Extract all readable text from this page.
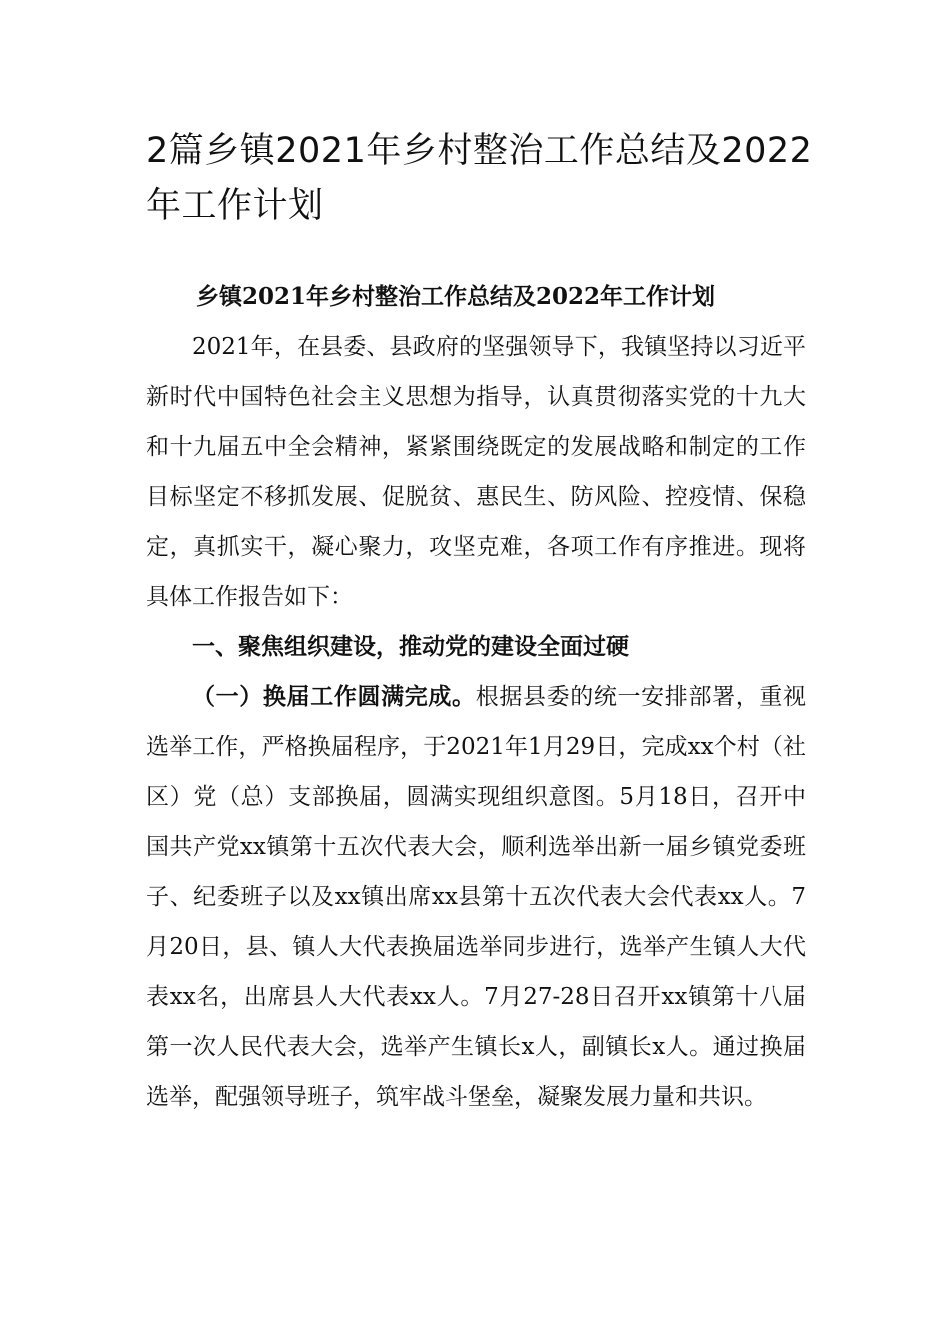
2篇乡镇2021年乡村整治工作总结及2022年工作计划

乡镇2021年乡村整治工作总结及2022年工作计划

2021年，在县委、县政府的坚强领导下，我镇坚持以习近平新时代中国特色社会主义思想为指导，认真贯彻落实党的十九大和十九届五中全会精神，紧紧围绕既定的发展战略和制定的工作目标坚定不移抓发展、促脱贫、惠民生、防风险、控疫情、保稳定，真抓实干，凝心聚力，攻坚克难，各项工作有序推进。现将具体工作报告如下：

一、聚焦组织建设，推动党的建设全面过硬

（一）换届工作圆满完成。根据县委的统一安排部署，重视选举工作，严格换届程序，于2021年1月29日，完成xx个村（社区）党（总）支部换届，圆满实现组织意图。5月18日，召开中国共产党xx镇第十五次代表大会，顺利选举出新一届乡镇党委班子、纪委班子以及xx镇出席xx县第十五次代表大会代表xx人。7月20日，县、镇人大代表换届选举同步进行，选举产生镇人大代表xx名，出席县人大代表xx人。7月27-28日召开xx镇第十八届第一次人民代表大会，选举产生镇长x人，副镇长x人。通过换届选举，配强领导班子，筑牢战斗堡垒，凝聚发展力量和共识。
